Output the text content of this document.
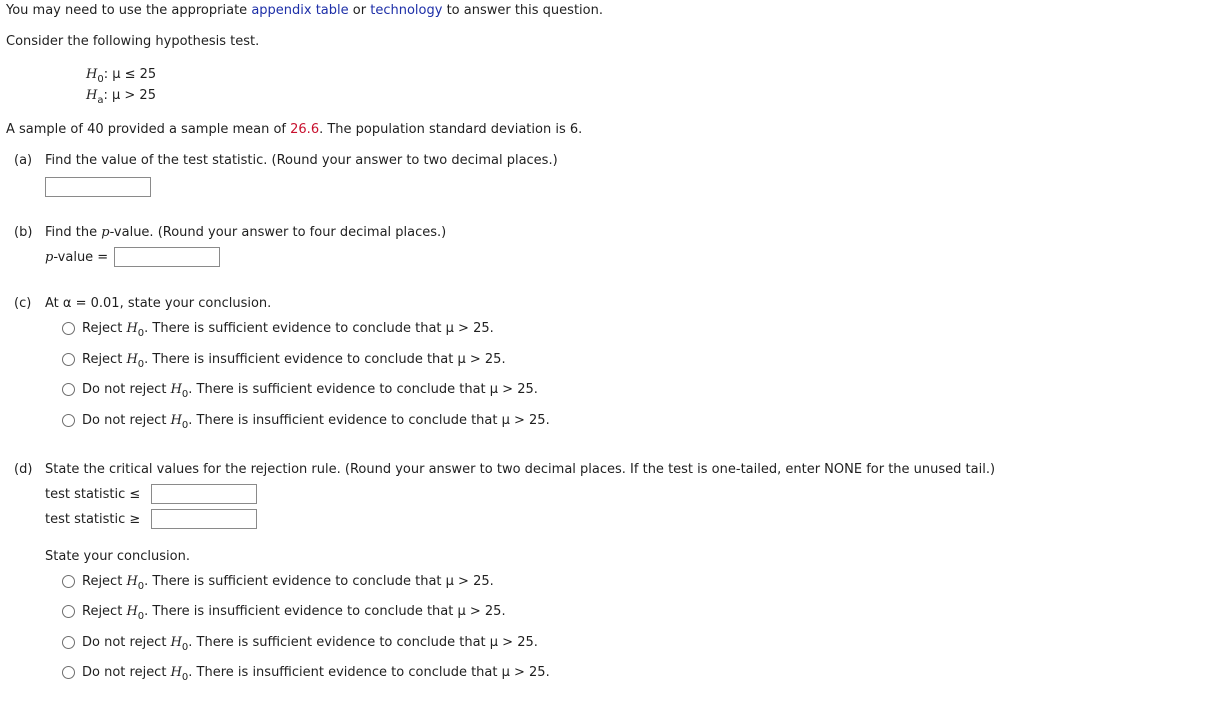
You may need to use the appropriate appendix table or technology to answer this question.
Consider the following hypothesis test.
$H_0$: μ ≤ 25
$H_a$: μ > 25
A sample of 40 provided a sample mean of 26.6. The population standard deviation is 6.
(a) Find the value of the test statistic. (Round your answer to two decimal places.)
(b) Find the p-value. (Round your answer to four decimal places.)
p-value =
(c) At α = 0.01, state your conclusion.
Reject $H_0$. There is sufficient evidence to conclude that μ > 25.
Reject $H_0$. There is insufficient evidence to conclude that μ > 25.
Do not reject $H_0$. There is sufficient evidence to conclude that μ > 25.
Do not reject $H_0$. There is insufficient evidence to conclude that μ > 25.
(d) State the critical values for the rejection rule. (Round your answer to two decimal places. If the test is one-tailed, enter NONE for the unused tail.)
test statistic ≤
test statistic ≥
State your conclusion.
Reject $H_0$. There is sufficient evidence to conclude that μ > 25.
Reject $H_0$. There is insufficient evidence to conclude that μ > 25.
Do not reject $H_0$. There is sufficient evidence to conclude that μ > 25.
Do not reject $H_0$. There is insufficient evidence to conclude that μ > 25.
